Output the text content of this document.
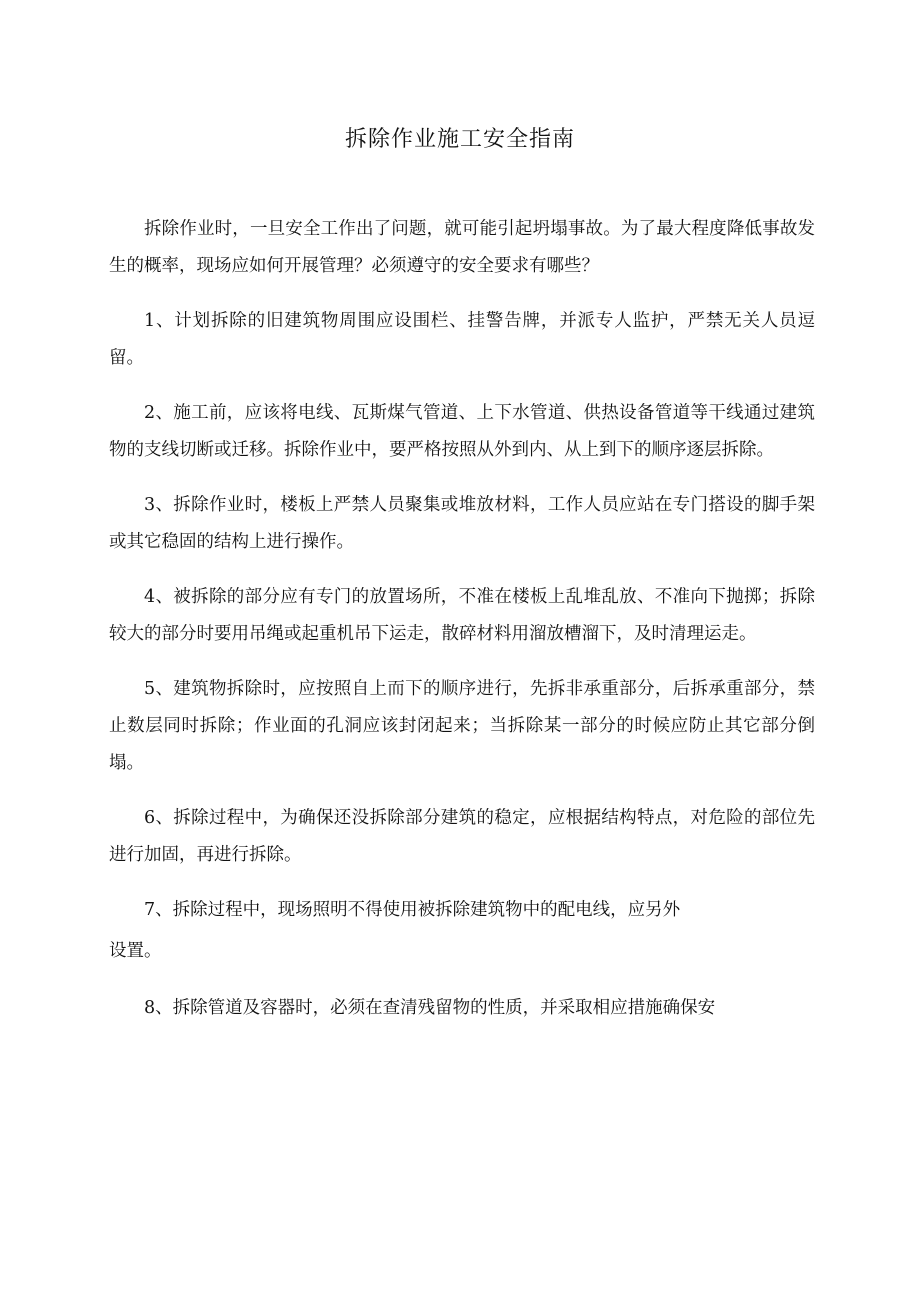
拆除作业施工安全指南

拆除作业时，一旦安全工作出了问题，就可能引起坍塌事故。为了最大程度降低事故发生的概率，现场应如何开展管理？必须遵守的安全要求有哪些？

1、计划拆除的旧建筑物周围应设围栏、挂警告牌，并派专人监护，严禁无关人员逗留。

2、施工前，应该将电线、瓦斯煤气管道、上下水管道、供热设备管道等干线通过建筑物的支线切断或迁移。拆除作业中，要严格按照从外到内、从上到下的顺序逐层拆除。

3、拆除作业时，楼板上严禁人员聚集或堆放材料，工作人员应站在专门搭设的脚手架或其它稳固的结构上进行操作。

4、被拆除的部分应有专门的放置场所，不准在楼板上乱堆乱放、不准向下抛掷；拆除较大的部分时要用吊绳或起重机吊下运走，散碎材料用溜放槽溜下，及时清理运走。

5、建筑物拆除时，应按照自上而下的顺序进行，先拆非承重部分，后拆承重部分，禁止数层同时拆除；作业面的孔洞应该封闭起来；当拆除某一部分的时候应防止其它部分倒塌。

6、拆除过程中，为确保还没拆除部分建筑的稳定，应根据结构特点，对危险的部位先进行加固，再进行拆除。

7、拆除过程中，现场照明不得使用被拆除建筑物中的配电线，应另外

设置。

8、拆除管道及容器时，必须在查清残留物的性质，并采取相应措施确保安
